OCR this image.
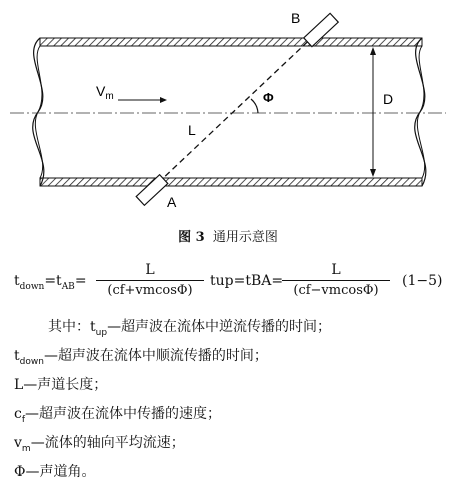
B
A
L
D
Φ
$V_m$
图 3 通用示意图
$t_{down}=t_{AB}=$
L
(cf+vmcosΦ)
tup=tBA=
L
(cf−vmcosΦ)
(1−5)
其中：$t_{up}—$超声波在流体中逆流传播的时间；
$t_{down}—$超声波在流体中顺流传播的时间；
L—声道长度；
$c_f—$超声波在流体中传播的速度；
$v_m—$流体的轴向平均流速；
Φ—声道角。
